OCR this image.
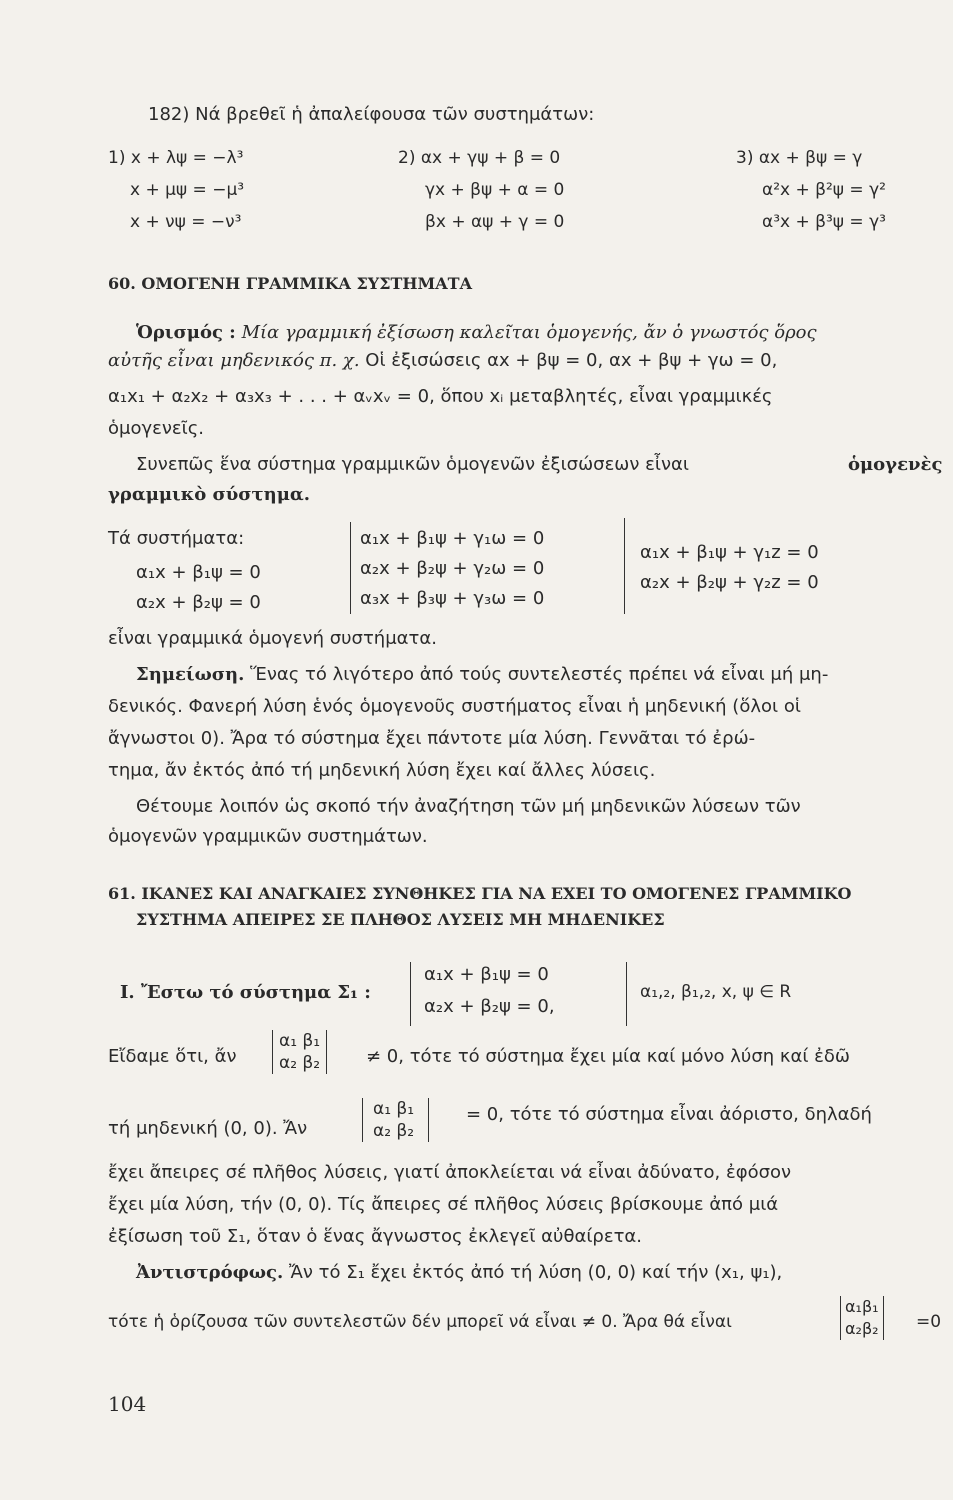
182) Νά βρεθεῖ ἡ ἀπαλείφουσα τῶν συστημάτων:
1) x + λψ = −λ³
x + μψ = −μ³
x + νψ = −ν³
2) αx + γψ + β = 0
γx + βψ + α = 0
βx + αψ + γ = 0
3) αx + βψ = γ
α²x + β²ψ = γ²
α³x + β³ψ = γ³
60. ΟΜΟΓΕΝΗ ΓΡΑΜΜΙΚΑ ΣΥΣΤΗΜΑΤΑ
Ὁρισμός : Μία γραμμική ἐξίσωση καλεῖται ὁμογενής, ἄν ὁ γνωστός ὅρος
αὐτῆς εἶναι μηδενικός π. χ. Οἱ ἐξισώσεις αx + βψ = 0, αx + βψ + γω = 0,
α₁x₁ + α₂x₂ + α₃x₃ + . . . + αᵥxᵥ = 0, ὅπου xᵢ μεταβλητές, εἶναι γραμμικές
ὁμογενεῖς.
Συνεπῶς ἕνα σύστημα γραμμικῶν ὁμογενῶν ἐξισώσεων εἶναι	ὁμογενὲς
γραμμικὸ σύστημα.
Τά συστήματα:
α₁x + β₁ψ = 0
α₂x + β₂ψ = 0
α₁x + β₁ψ + γ₁ω = 0
α₂x + β₂ψ + γ₂ω = 0
α₃x + β₃ψ + γ₃ω = 0
α₁x + β₁ψ + γ₁z = 0
α₂x + β₂ψ + γ₂z = 0
εἶναι γραμμικά ὁμογενή συστήματα.
Σημείωση. Ἕνας τό λιγότερο ἀπό τούς συντελεστές πρέπει νά εἶναι μή μη-
δενικός. Φανερή λύση ἑνός ὁμογενοῦς συστήματος εἶναι ἡ μηδενική (ὅλοι οἱ
ἄγνωστοι 0). Ἄρα τό σύστημα ἔχει πάντοτε μία λύση. Γεννᾶται τό ἐρώ-
τημα, ἄν ἐκτός ἀπό τή μηδενική λύση ἔχει καί ἄλλες λύσεις.
Θέτουμε λοιπόν ὡς σκοπό τήν ἀναζήτηση τῶν μή μηδενικῶν λύσεων τῶν
ὁμογενῶν γραμμικῶν συστημάτων.
61. ΙΚΑΝΕΣ ΚΑΙ ΑΝΑΓΚΑΙΕΣ ΣΥΝΘΗΚΕΣ ΓΙΑ ΝΑ ΕΧΕΙ ΤΟ ΟΜΟΓΕΝΕΣ ΓΡΑΜΜΙΚΟ
ΣΥΣΤΗΜΑ ΑΠΕΙΡΕΣ ΣΕ ΠΛΗΘΟΣ ΛΥΣΕΙΣ ΜΗ ΜΗΔΕΝΙΚΕΣ
Ι. Ἔστω τό σύστημα Σ₁ :
α₁x + β₁ψ = 0
α₂x + β₂ψ = 0,
α₁,₂, β₁,₂, x, ψ ∈ R
Εἴδαμε ὅτι, ἄν
α₁ β₁
α₂ β₂	≠ 0, τότε τό σύστημα ἔχει μία καί μόνο λύση καί ἐδῶ
τή μηδενική (0, 0). Ἄν
α₁ β₁
α₂ β₂
= 0, τότε τό σύστημα εἶναι ἀόριστο, δηλαδή
ἔχει ἄπειρες σέ πλῆθος λύσεις, γιατί ἀποκλείεται νά εἶναι ἀδύνατο, ἐφόσον
ἔχει μία λύση, τήν (0, 0). Τίς ἄπειρες σέ πλῆθος λύσεις βρίσκουμε ἀπό μιά
ἐξίσωση τοῦ Σ₁, ὅταν ὁ ἕνας ἄγνωστος ἐκλεγεῖ αὐθαίρετα.
Ἀντιστρόφως. Ἄν τό Σ₁ ἔχει ἐκτός ἀπό τή λύση (0, 0) καί τήν (x₁, ψ₁),
τότε ἡ ὁρίζουσα τῶν συντελεστῶν δέν μπορεῖ νά εἶναι ≠ 0. Ἄρα θά εἶναι
α₁β₁
α₂β₂ =0
104
